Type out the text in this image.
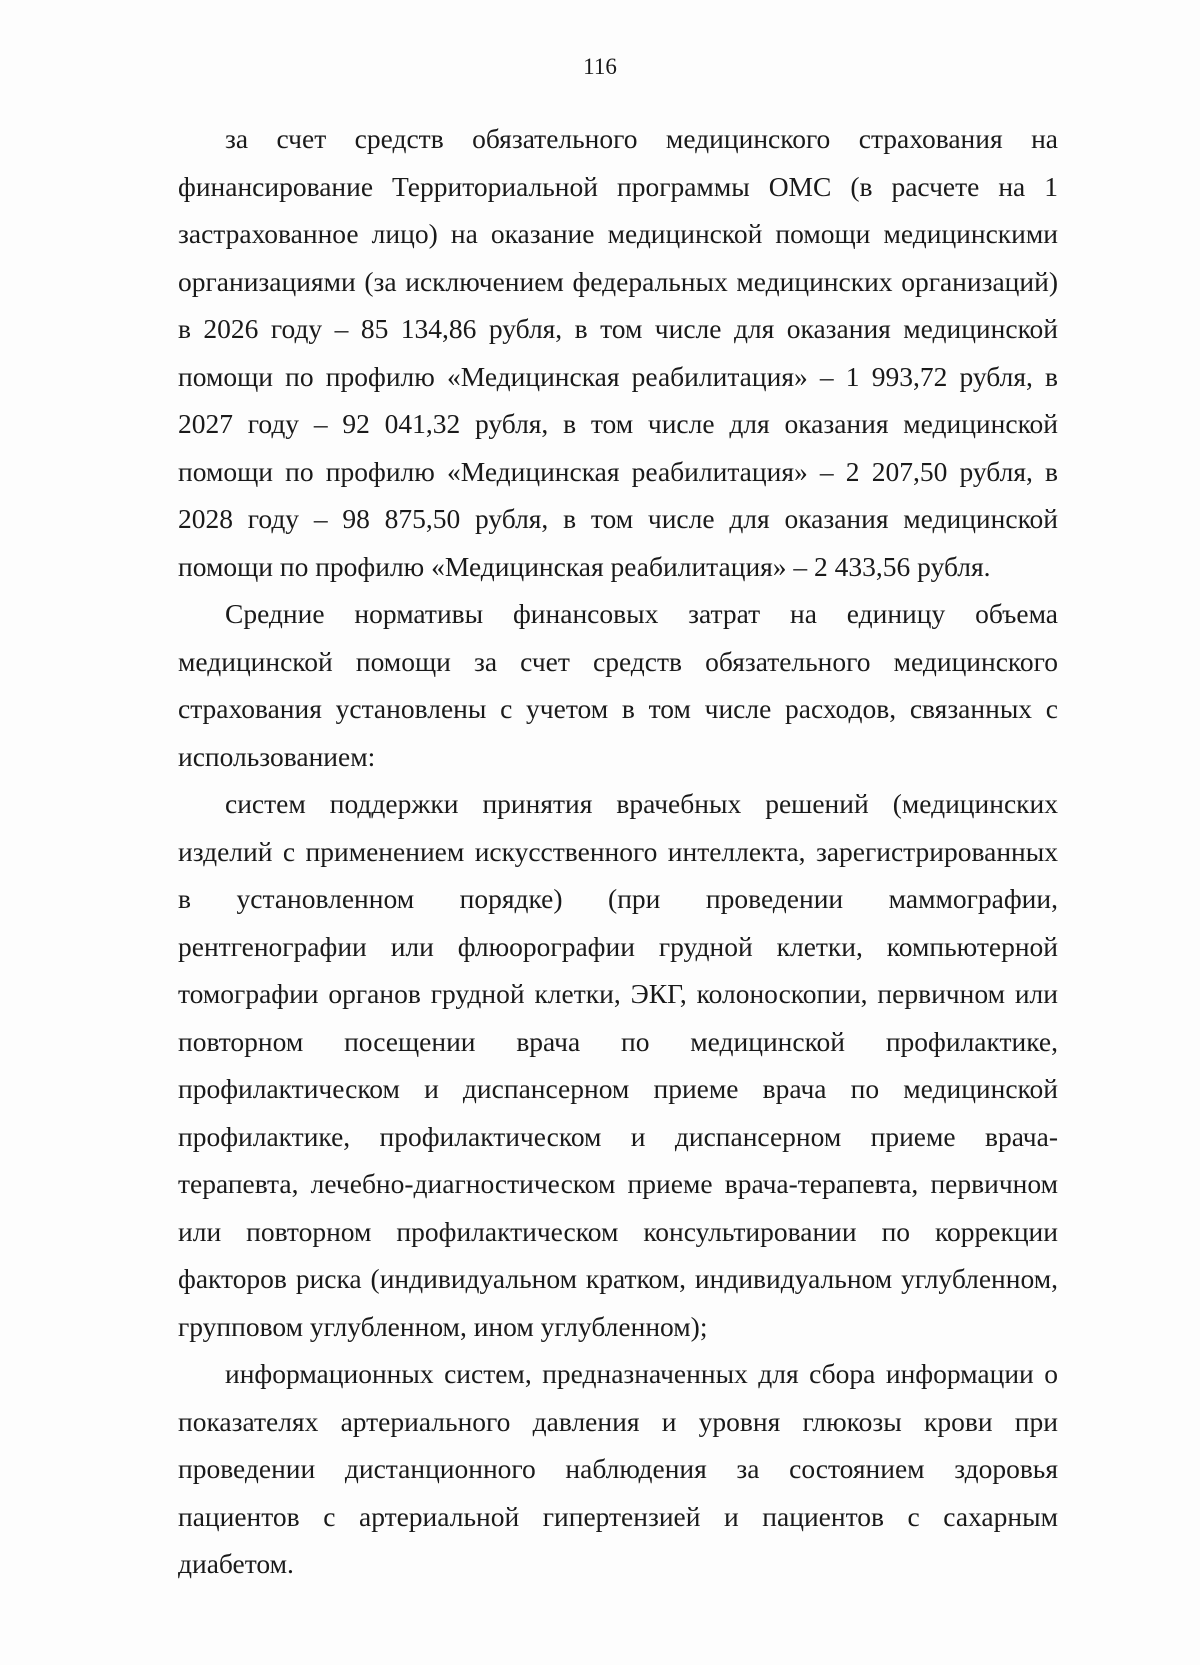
116

за счет средств обязательного медицинского страхования на финансирование Территориальной программы ОМС (в расчете на 1 застрахованное лицо) на оказание медицинской помощи медицинскими организациями (за исключением федеральных медицинских организаций) в 2026 году – 85 134,86 рубля, в том числе для оказания медицинской помощи по профилю «Медицинская реабилитация» – 1 993,72 рубля, в 2027 году – 92 041,32 рубля, в том числе для оказания медицинской помощи по профилю «Медицинская реабилитация» – 2 207,50 рубля, в 2028 году – 98 875,50 рубля, в том числе для оказания медицинской помощи по профилю «Медицинская реабилитация» – 2 433,56 рубля.

Средние нормативы финансовых затрат на единицу объема медицинской помощи за счет средств обязательного медицинского страхования установлены с учетом в том числе расходов, связанных с использованием:

систем поддержки принятия врачебных решений (медицинских изделий с применением искусственного интеллекта, зарегистрированных в установленном порядке) (при проведении маммографии, рентгенографии или флюорографии грудной клетки, компьютерной томографии органов грудной клетки, ЭКГ, колоноскопии, первичном или повторном посещении врача по медицинской профилактике, профилактическом и диспансерном приеме врача по медицинской профилактике, профилактическом и диспансерном приеме врача-терапевта, лечебно-диагностическом приеме врача-терапевта, первичном или повторном профилактическом консультировании по коррекции факторов риска (индивидуальном кратком, индивидуальном углубленном, групповом углубленном, ином углубленном);

информационных систем, предназначенных для сбора информации о показателях артериального давления и уровня глюкозы крови при проведении дистанционного наблюдения за состоянием здоровья пациентов с артериальной гипертензией и пациентов с сахарным диабетом.
